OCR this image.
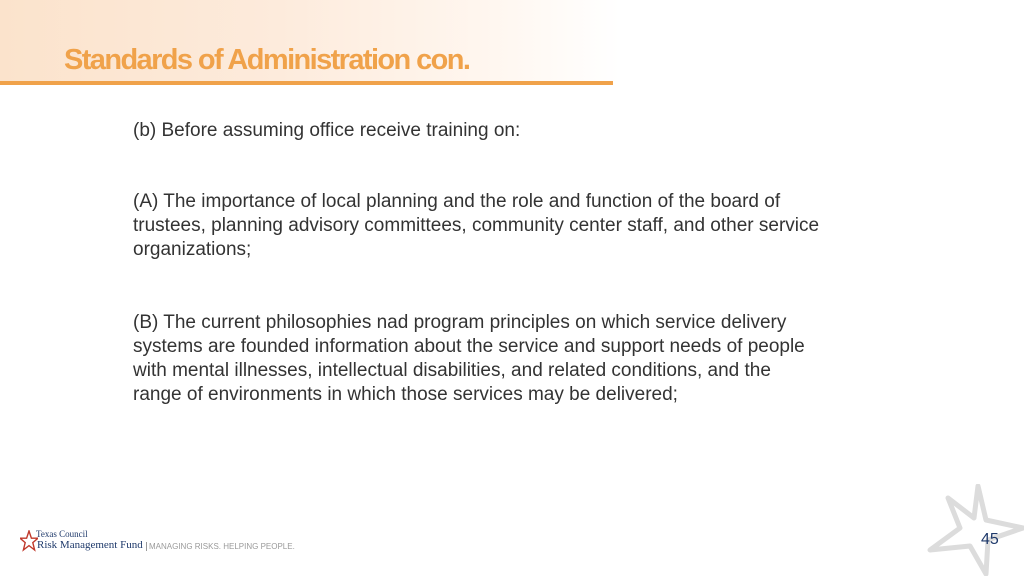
Standards of Administration con.

(b) Before assuming office receive training on:

(A) The importance of local planning and the role and function of the board of trustees, planning advisory committees, community center staff, and other service organizations;

(B) The current philosophies nad program principles on which service delivery systems are founded information about the service and support needs of people with mental illnesses, intellectual disabilities, and related conditions, and the range of environments in which those services may be delivered;

Texas Council
Risk Management Fund MANAGING RISKS. HELPING PEOPLE.	45
